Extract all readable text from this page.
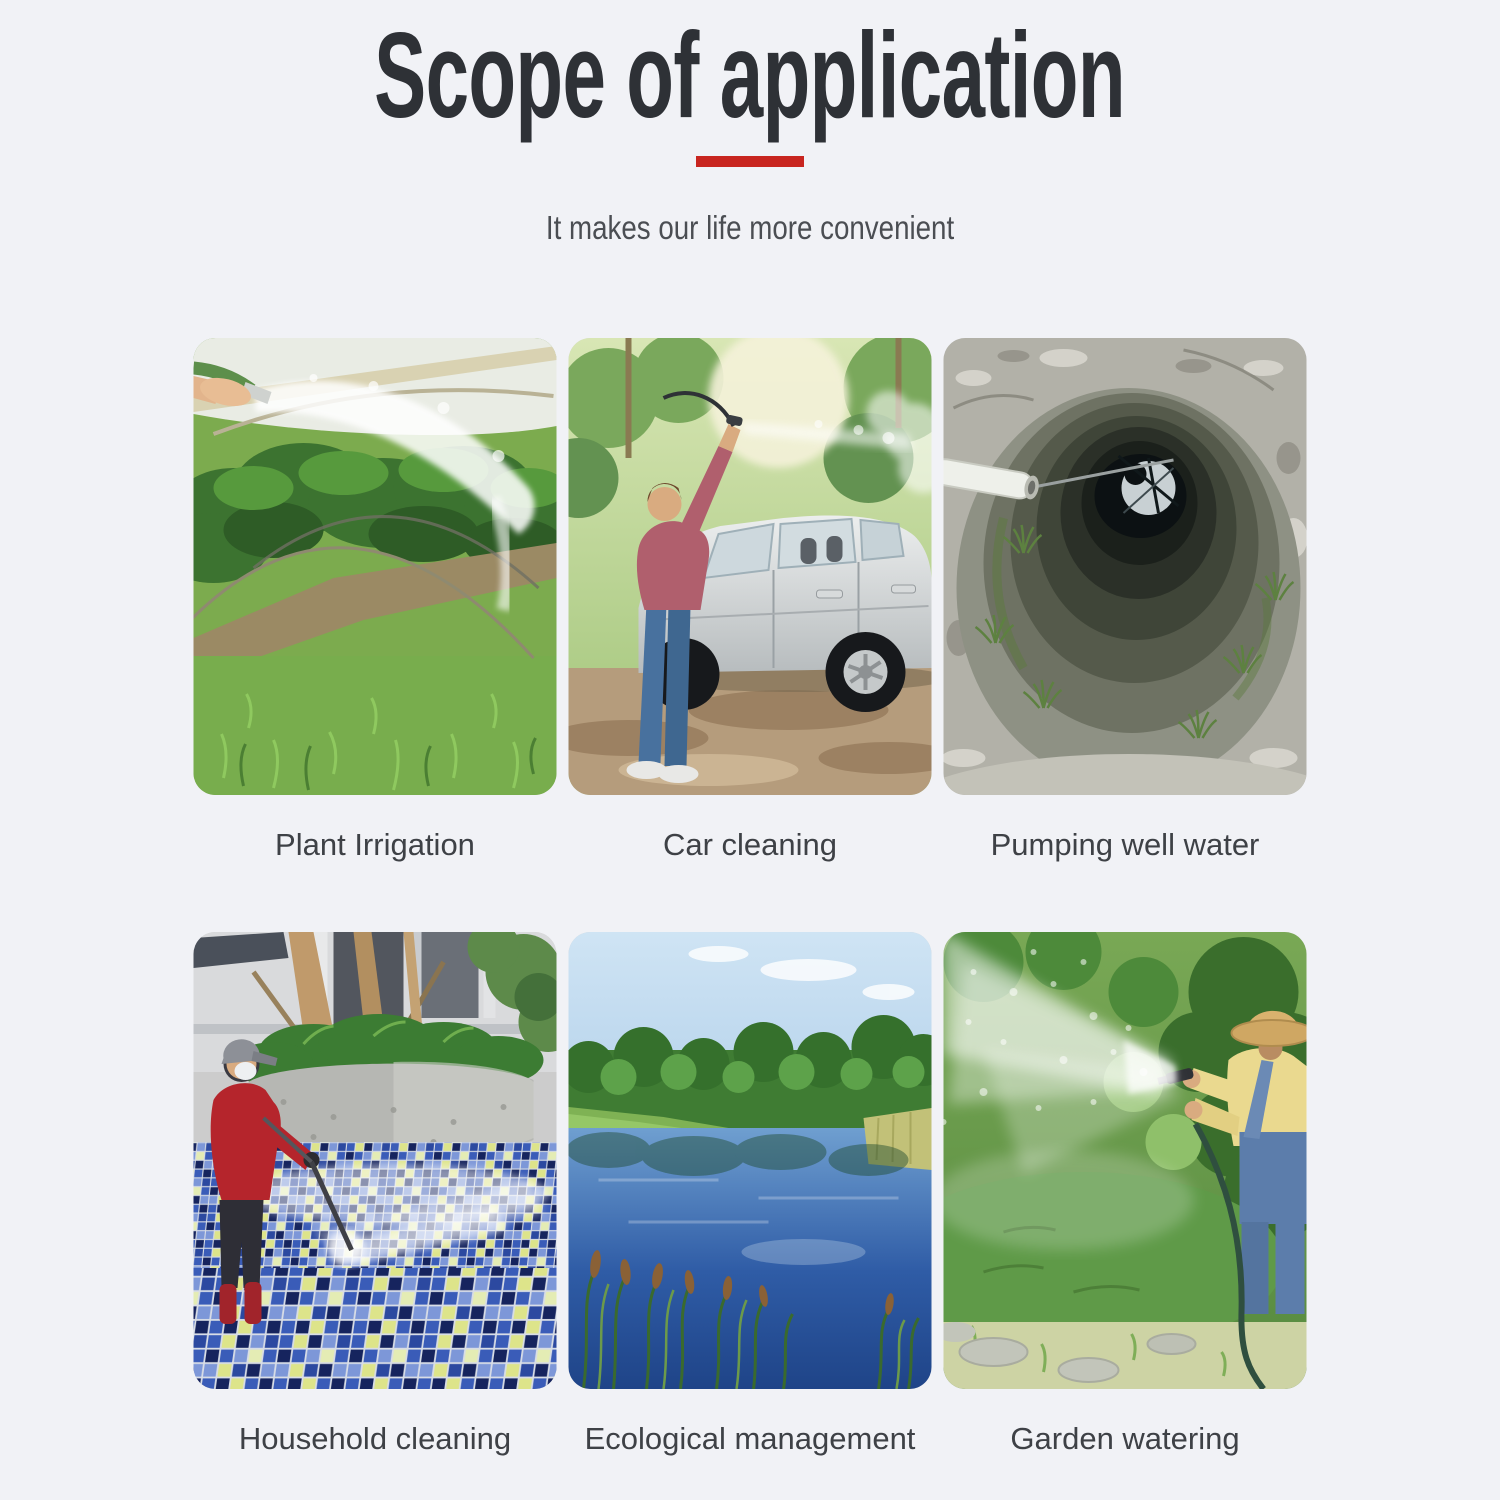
Scope of application

It makes our life more convenient

Plant Irrigation	Car cleaning	Pumping well water
Household cleaning	Ecological management	Garden watering
